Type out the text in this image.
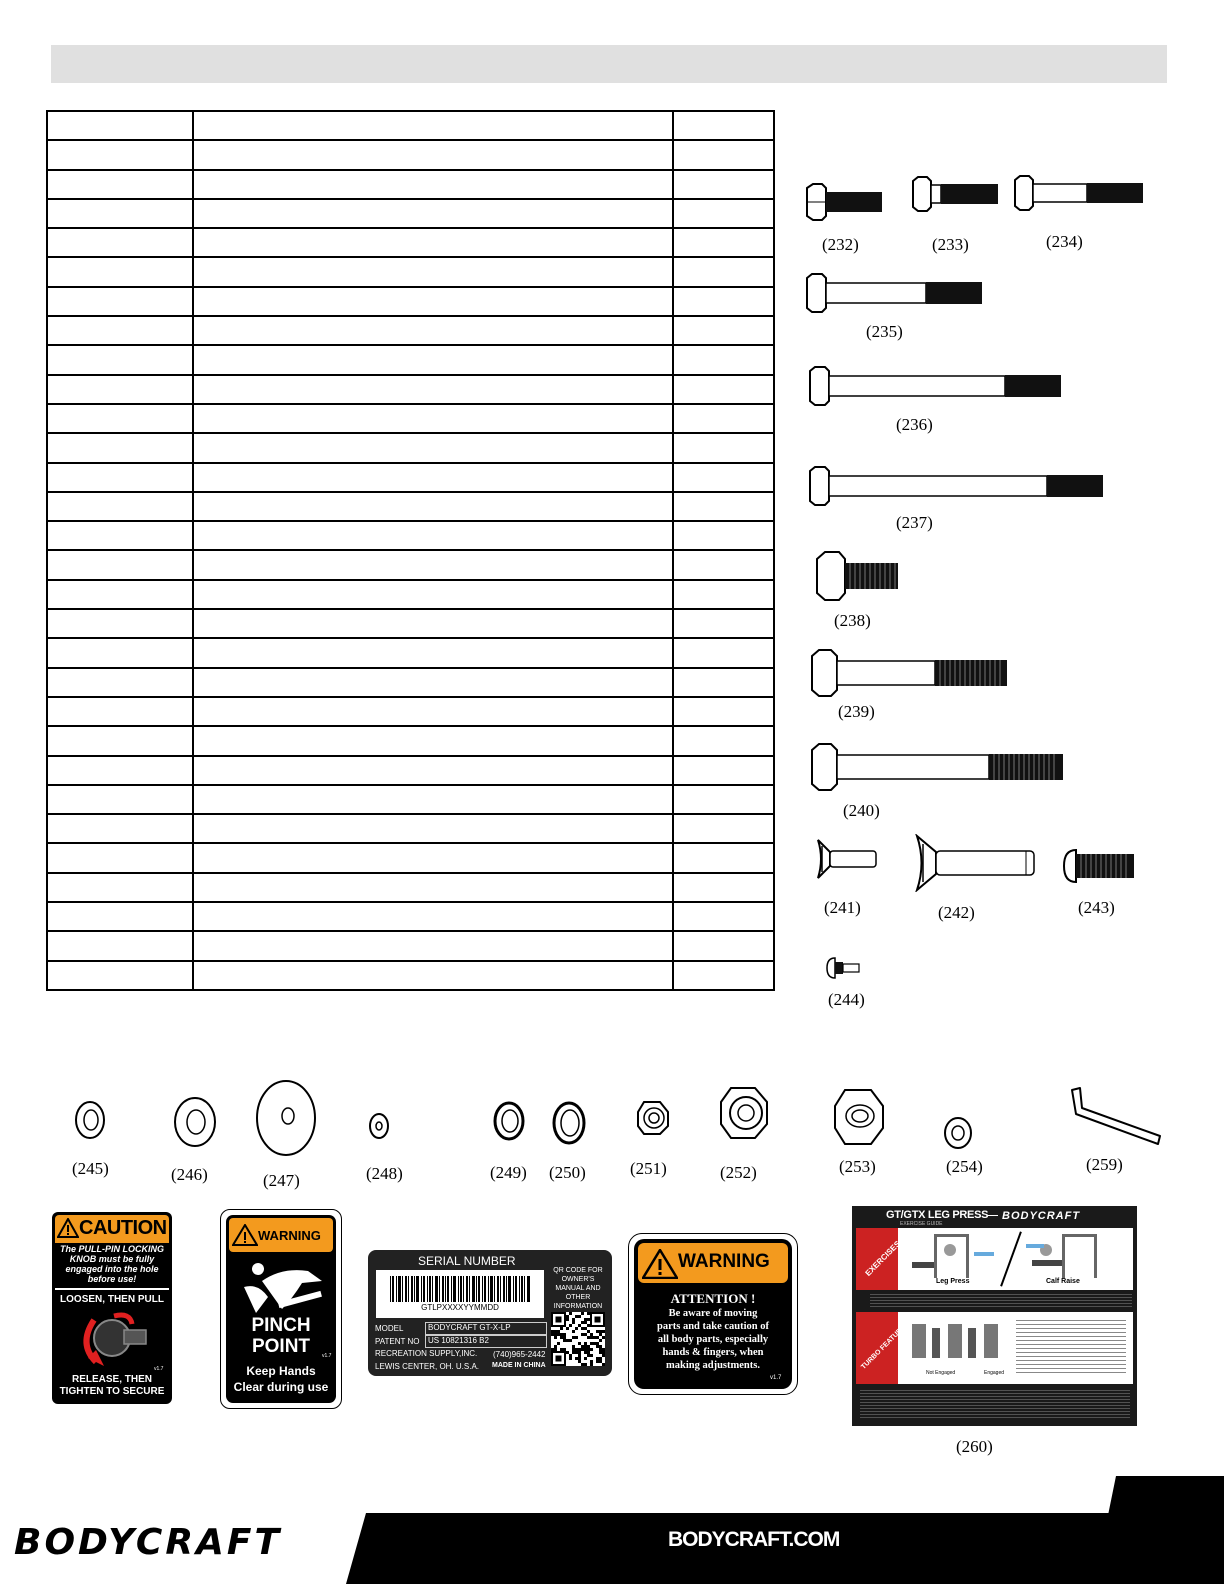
(232)	(233)	(234)
(235)
(236)
(237)
(238)
(239)
(240)
(241)	(242)	(243)
(244)
(245)	(246)	(247)	(248)	(249) (250)	(251)	(252)	(253)	(254)	(259)
CAUTION
The PULL-PIN LOCKING
KNOB must be fully
engaged into the hole
before use!
LOOSEN, THEN PULL
v1.7
RELEASE, THEN
TIGHTEN TO SECURE
WARNING
PINCH
POINT	v1.7
Keep Hands
Clear during use
SERIAL NUMBER
GTLPXXXXYYMMDD
QR CODE FOR
OWNER'S
MANUAL AND
OTHER
INFORMATION
MODEL	BODYCRAFT GT-X-LP
PATENT NO	US 10821316 B2
RECREATION SUPPLY,INC. (740)965-2442
LEWIS CENTER, OH. U.S.A. MADE IN CHINA
WARNING
ATTENTION !
Be aware of moving
parts and take caution of
all body parts, especially
hands & fingers, when
making adjustments.
v1.7
GT/GTX LEG PRESS
EXERCISE GUIDE
BODYCRAFT
EXERCISES
Leg Press	Calf Raise
TURBO FEATURE
Not Engaged	Engaged
(260)
BODYCRAFT	BODYCRAFT.COM
